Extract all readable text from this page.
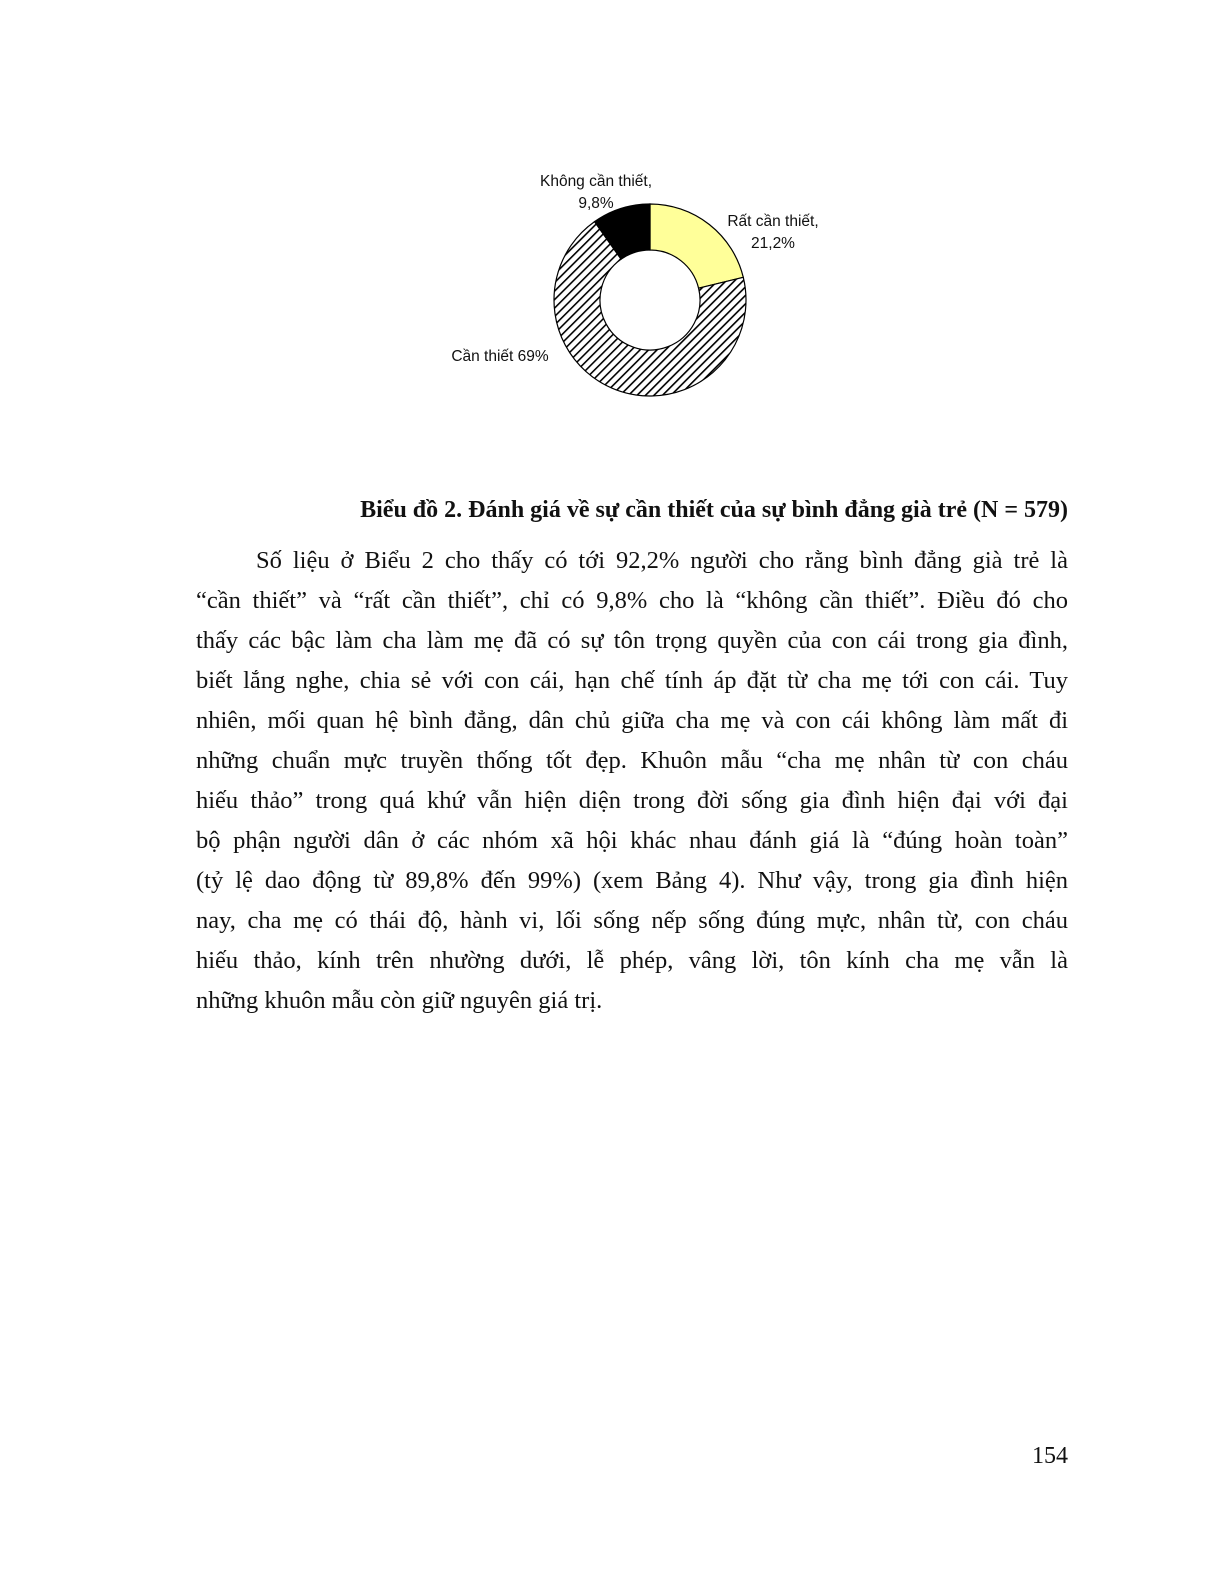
Không cần thiết,
9,8%
Rất cần thiết,
21,2%
Cần thiết 69%
Biểu đồ 2. Đánh giá về sự cần thiết của sự bình đẳng già trẻ (N = 579)
Số liệu ở Biểu 2 cho thấy có tới 92,2% người cho rằng bình đẳng già trẻ là
“cần thiết” và “rất cần thiết”, chỉ có 9,8% cho là “không cần thiết”. Điều đó cho
thấy các bậc làm cha làm mẹ đã có sự tôn trọng quyền của con cái trong gia đình,
biết lắng nghe, chia sẻ với con cái, hạn chế tính áp đặt từ cha mẹ tới con cái. Tuy
nhiên, mối quan hệ bình đẳng, dân chủ giữa cha mẹ và con cái không làm mất đi
những chuẩn mực truyền thống tốt đẹp. Khuôn mẫu “cha mẹ nhân từ con cháu
hiếu thảo” trong quá khứ vẫn hiện diện trong đời sống gia đình hiện đại với đại
bộ phận người dân ở các nhóm xã hội khác nhau đánh giá là “đúng hoàn toàn”
(tỷ lệ dao động từ 89,8% đến 99%) (xem Bảng 4). Như vậy, trong gia đình hiện
nay, cha mẹ có thái độ, hành vi, lối sống nếp sống đúng mực, nhân từ, con cháu
hiếu thảo, kính trên nhường dưới, lễ phép, vâng lời, tôn kính cha mẹ vẫn là
những khuôn mẫu còn giữ nguyên giá trị.
154
